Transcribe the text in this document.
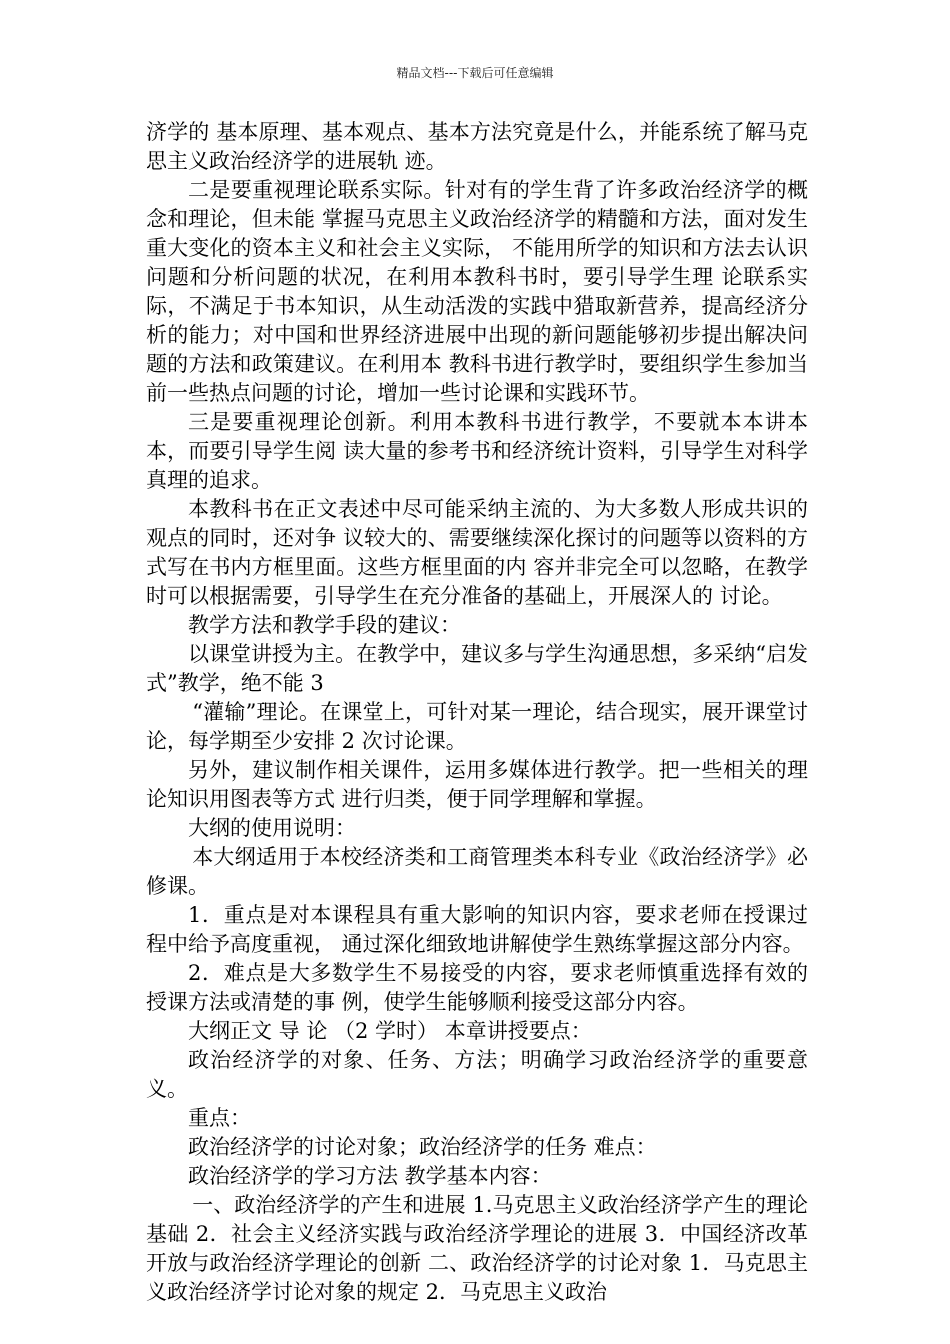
精品文档---下载后可任意编辑

济学的 基本原理、基本观点、基本方法究竟是什么，并能系统了解马克思主义政治经济学的进展轨 迹。

二是要重视理论联系实际。针对有的学生背了许多政治经济学的概念和理论，但未能 掌握马克思主义政治经济学的精髓和方法，面对发生重大变化的资本主义和社会主义实际， 不能用所学的知识和方法去认识问题和分析问题的状况，在利用本教科书时，要引导学生理 论联系实际，不满足于书本知识，从生动活泼的实践中猎取新营养，提高经济分析的能力；对中国和世界经济进展中出现的新问题能够初步提出解决问题的方法和政策建议。在利用本 教科书进行教学时，要组织学生参加当前一些热点问题的讨论，增加一些讨论课和实践环节。

三是要重视理论创新。利用本教科书进行教学，不要就本本讲本本，而要引导学生阅 读大量的参考书和经济统计资料，引导学生对科学真理的追求。

本教科书在正文表述中尽可能采纳主流的、为大多数人形成共识的观点的同时，还对争 议较大的、需要继续深化探讨的问题等以资料的方式写在书内方框里面。这些方框里面的内 容并非完全可以忽略，在教学时可以根据需要，引导学生在充分准备的基础上，开展深人的 讨论。

教学方法和教学手段的建议：

以课堂讲授为主。在教学中，建议多与学生沟通思想，多采纳“启发式”教学，绝不能 3

“灌输”理论。在课堂上，可针对某一理论，结合现实，展开课堂讨论，每学期至少安排 2 次讨论课。

另外，建议制作相关课件，运用多媒体进行教学。把一些相关的理论知识用图表等方式 进行归类，便于同学理解和掌握。

大纲的使用说明：

本大纲适用于本校经济类和工商管理类本科专业《政治经济学》必修课。

1．重点是对本课程具有重大影响的知识内容，要求老师在授课过程中给予高度重视， 通过深化细致地讲解使学生熟练掌握这部分内容。

2．难点是大多数学生不易接受的内容，要求老师慎重选择有效的授课方法或清楚的事 例，使学生能够顺利接受这部分内容。

大纲正文 导 论 （2 学时） 本章讲授要点：

政治经济学的对象、任务、方法；明确学习政治经济学的重要意义。

重点：

政治经济学的讨论对象；政治经济学的任务 难点：

政治经济学的学习方法 教学基本内容：

一、政治经济学的产生和进展 1.马克思主义政治经济学产生的理论基础 2．社会主义经济实践与政治经济学理论的进展 3．中国经济改革开放与政治经济学理论的创新 二、政治经济学的讨论对象 1．马克思主义政治经济学讨论对象的规定 2．马克思主义政治
